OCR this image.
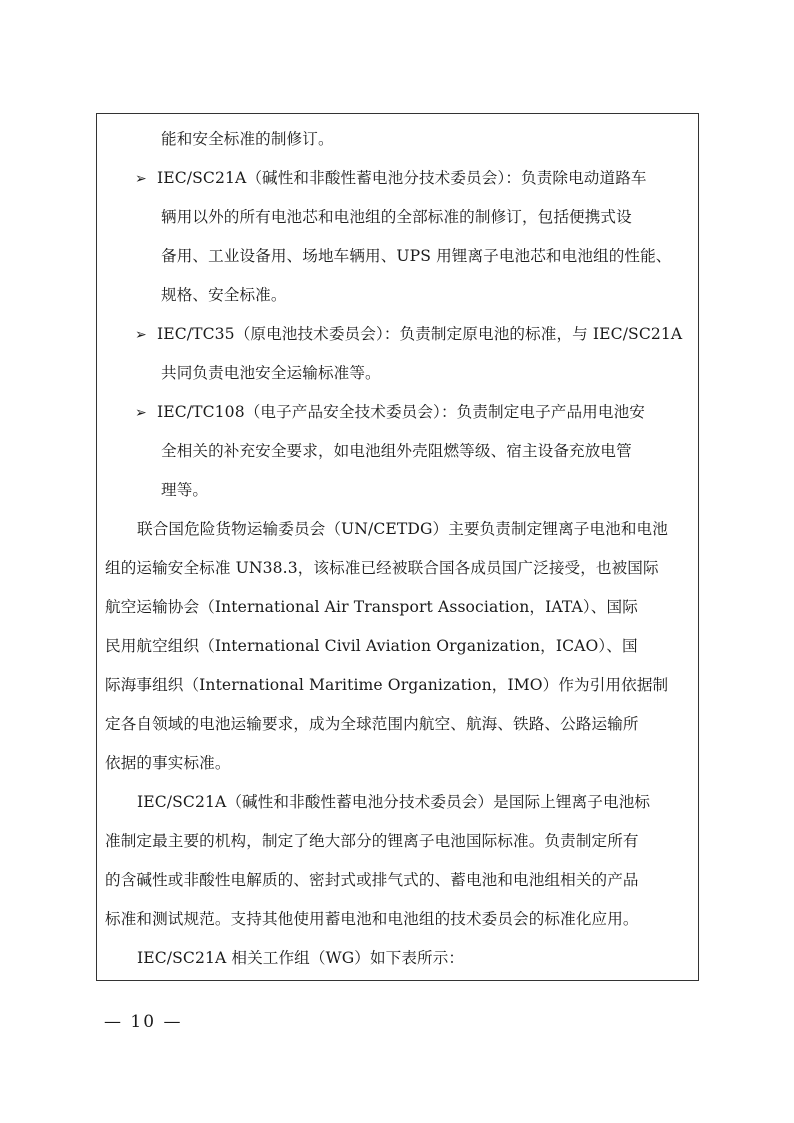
能和安全标准的制修订。
➢ IEC/SC21A（碱性和非酸性蓄电池分技术委员会）：负责除电动道路车
辆用以外的所有电池芯和电池组的全部标准的制修订，包括便携式设
备用、工业设备用、场地车辆用、UPS 用锂离子电池芯和电池组的性能、
规格、安全标准。
➢ IEC/TC35（原电池技术委员会）：负责制定原电池的标准，与 IEC/SC21A
共同负责电池安全运输标准等。
➢ IEC/TC108（电子产品安全技术委员会）：负责制定电子产品用电池安
全相关的补充安全要求，如电池组外壳阻燃等级、宿主设备充放电管
理等。
联合国危险货物运输委员会（UN/CETDG）主要负责制定锂离子电池和电池
组的运输安全标准 UN38.3，该标准已经被联合国各成员国广泛接受，也被国际
航空运输协会（International Air Transport Association，IATA）、国际
民用航空组织（International Civil Aviation Organization，ICAO）、国
际海事组织（International Maritime Organization，IMO）作为引用依据制
定各自领域的电池运输要求，成为全球范围内航空、航海、铁路、公路运输所
依据的事实标准。
IEC/SC21A（碱性和非酸性蓄电池分技术委员会）是国际上锂离子电池标
准制定最主要的机构，制定了绝大部分的锂离子电池国际标准。负责制定所有
的含碱性或非酸性电解质的、密封式或排气式的、蓄电池和电池组相关的产品
标准和测试规范。支持其他使用蓄电池和电池组的技术委员会的标准化应用。
IEC/SC21A 相关工作组（WG）如下表所示：
— 10 —
